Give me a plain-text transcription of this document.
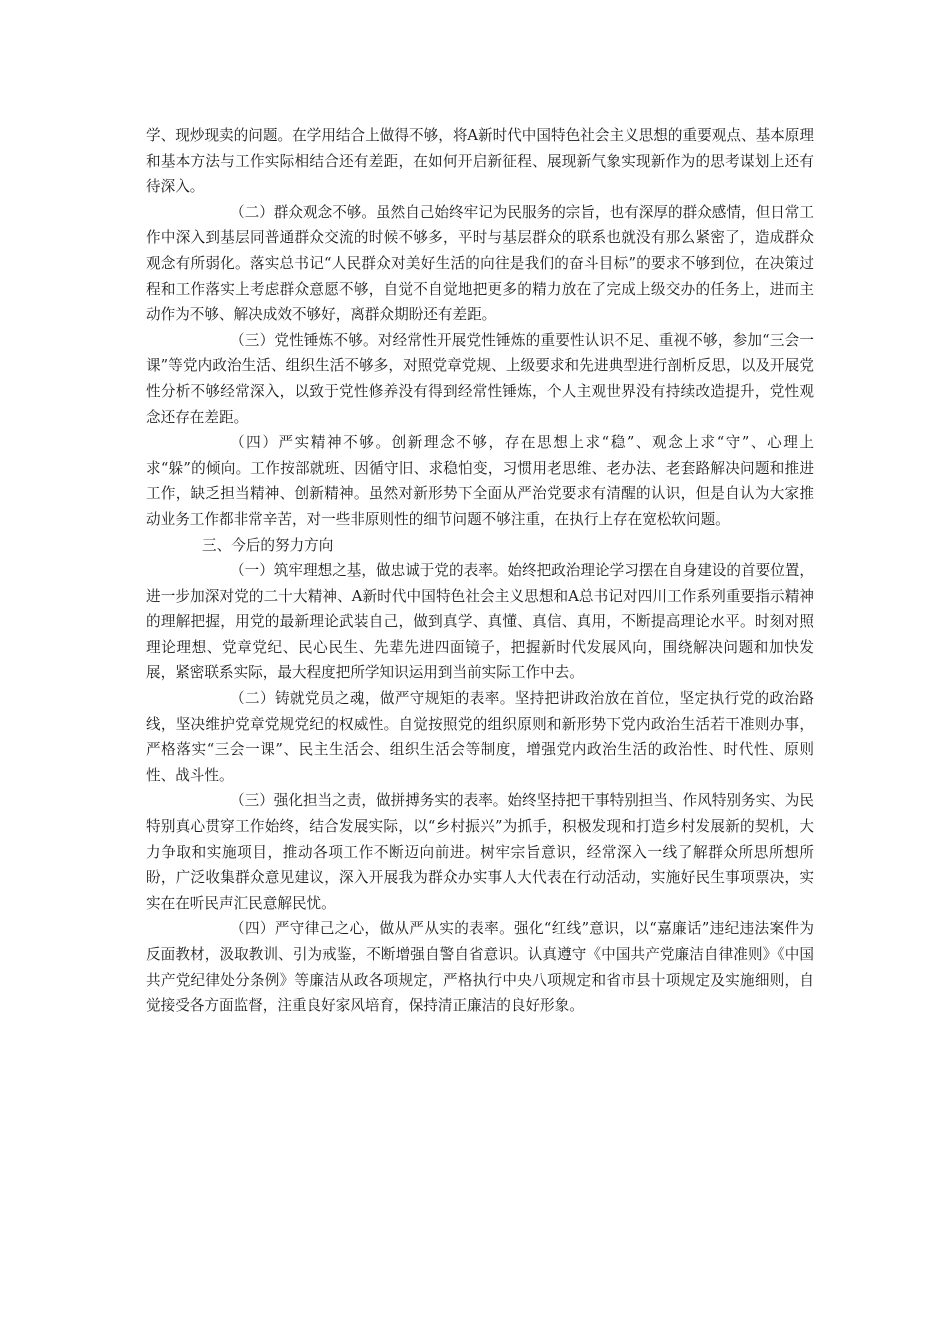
学、现炒现卖的问题。在学用结合上做得不够，将A新时代中国特色社会主义思想的重要观点、基本原理和基本方法与工作实际相结合还有差距，在如何开启新征程、展现新气象实现新作为的思考谋划上还有待深入。

（二）群众观念不够。虽然自己始终牢记为民服务的宗旨，也有深厚的群众感情，但日常工作中深入到基层同普通群众交流的时候不够多，平时与基层群众的联系也就没有那么紧密了，造成群众观念有所弱化。落实总书记“人民群众对美好生活的向往是我们的奋斗目标”的要求不够到位，在决策过程和工作落实上考虑群众意愿不够，自觉不自觉地把更多的精力放在了完成上级交办的任务上，进而主动作为不够、解决成效不够好，离群众期盼还有差距。

（三）党性锤炼不够。对经常性开展党性锤炼的重要性认识不足、重视不够，参加“三会一课”等党内政治生活、组织生活不够多，对照党章党规、上级要求和先进典型进行剖析反思，以及开展党性分析不够经常深入，以致于党性修养没有得到经常性锤炼，个人主观世界没有持续改造提升，党性观念还存在差距。

（四）严实精神不够。创新理念不够，存在思想上求“稳”、观念上求“守”、心理上求“躲”的倾向。工作按部就班、因循守旧、求稳怕变，习惯用老思维、老办法、老套路解决问题和推进工作，缺乏担当精神、创新精神。虽然对新形势下全面从严治党要求有清醒的认识，但是自认为大家推动业务工作都非常辛苦，对一些非原则性的细节问题不够注重，在执行上存在宽松软问题。

三、今后的努力方向

（一）筑牢理想之基，做忠诚于党的表率。始终把政治理论学习摆在自身建设的首要位置，进一步加深对党的二十大精神、A新时代中国特色社会主义思想和A总书记对四川工作系列重要指示精神的理解把握，用党的最新理论武装自己，做到真学、真懂、真信、真用，不断提高理论水平。时刻对照理论理想、党章党纪、民心民生、先辈先进四面镜子，把握新时代发展风向，围绕解决问题和加快发展，紧密联系实际，最大程度把所学知识运用到当前实际工作中去。

（二）铸就党员之魂，做严守规矩的表率。坚持把讲政治放在首位，坚定执行党的政治路线，坚决维护党章党规党纪的权威性。自觉按照党的组织原则和新形势下党内政治生活若干准则办事，严格落实“三会一课”、民主生活会、组织生活会等制度，增强党内政治生活的政治性、时代性、原则性、战斗性。

（三）强化担当之责，做拼搏务实的表率。始终坚持把干事特别担当、作风特别务实、为民特别真心贯穿工作始终，结合发展实际，以“乡村振兴”为抓手，积极发现和打造乡村发展新的契机，大力争取和实施项目，推动各项工作不断迈向前进。树牢宗旨意识，经常深入一线了解群众所思所想所盼，广泛收集群众意见建议，深入开展我为群众办实事人大代表在行动活动，实施好民生事项票决，实实在在听民声汇民意解民忧。

（四）严守律己之心，做从严从实的表率。强化“红线”意识，以“嘉廉话”违纪违法案件为反面教材，汲取教训、引为戒鉴，不断增强自警自省意识。认真遵守《中国共产党廉洁自律准则》《中国共产党纪律处分条例》等廉洁从政各项规定，严格执行中央八项规定和省市县十项规定及实施细则，自觉接受各方面监督，注重良好家风培育，保持清正廉洁的良好形象。
